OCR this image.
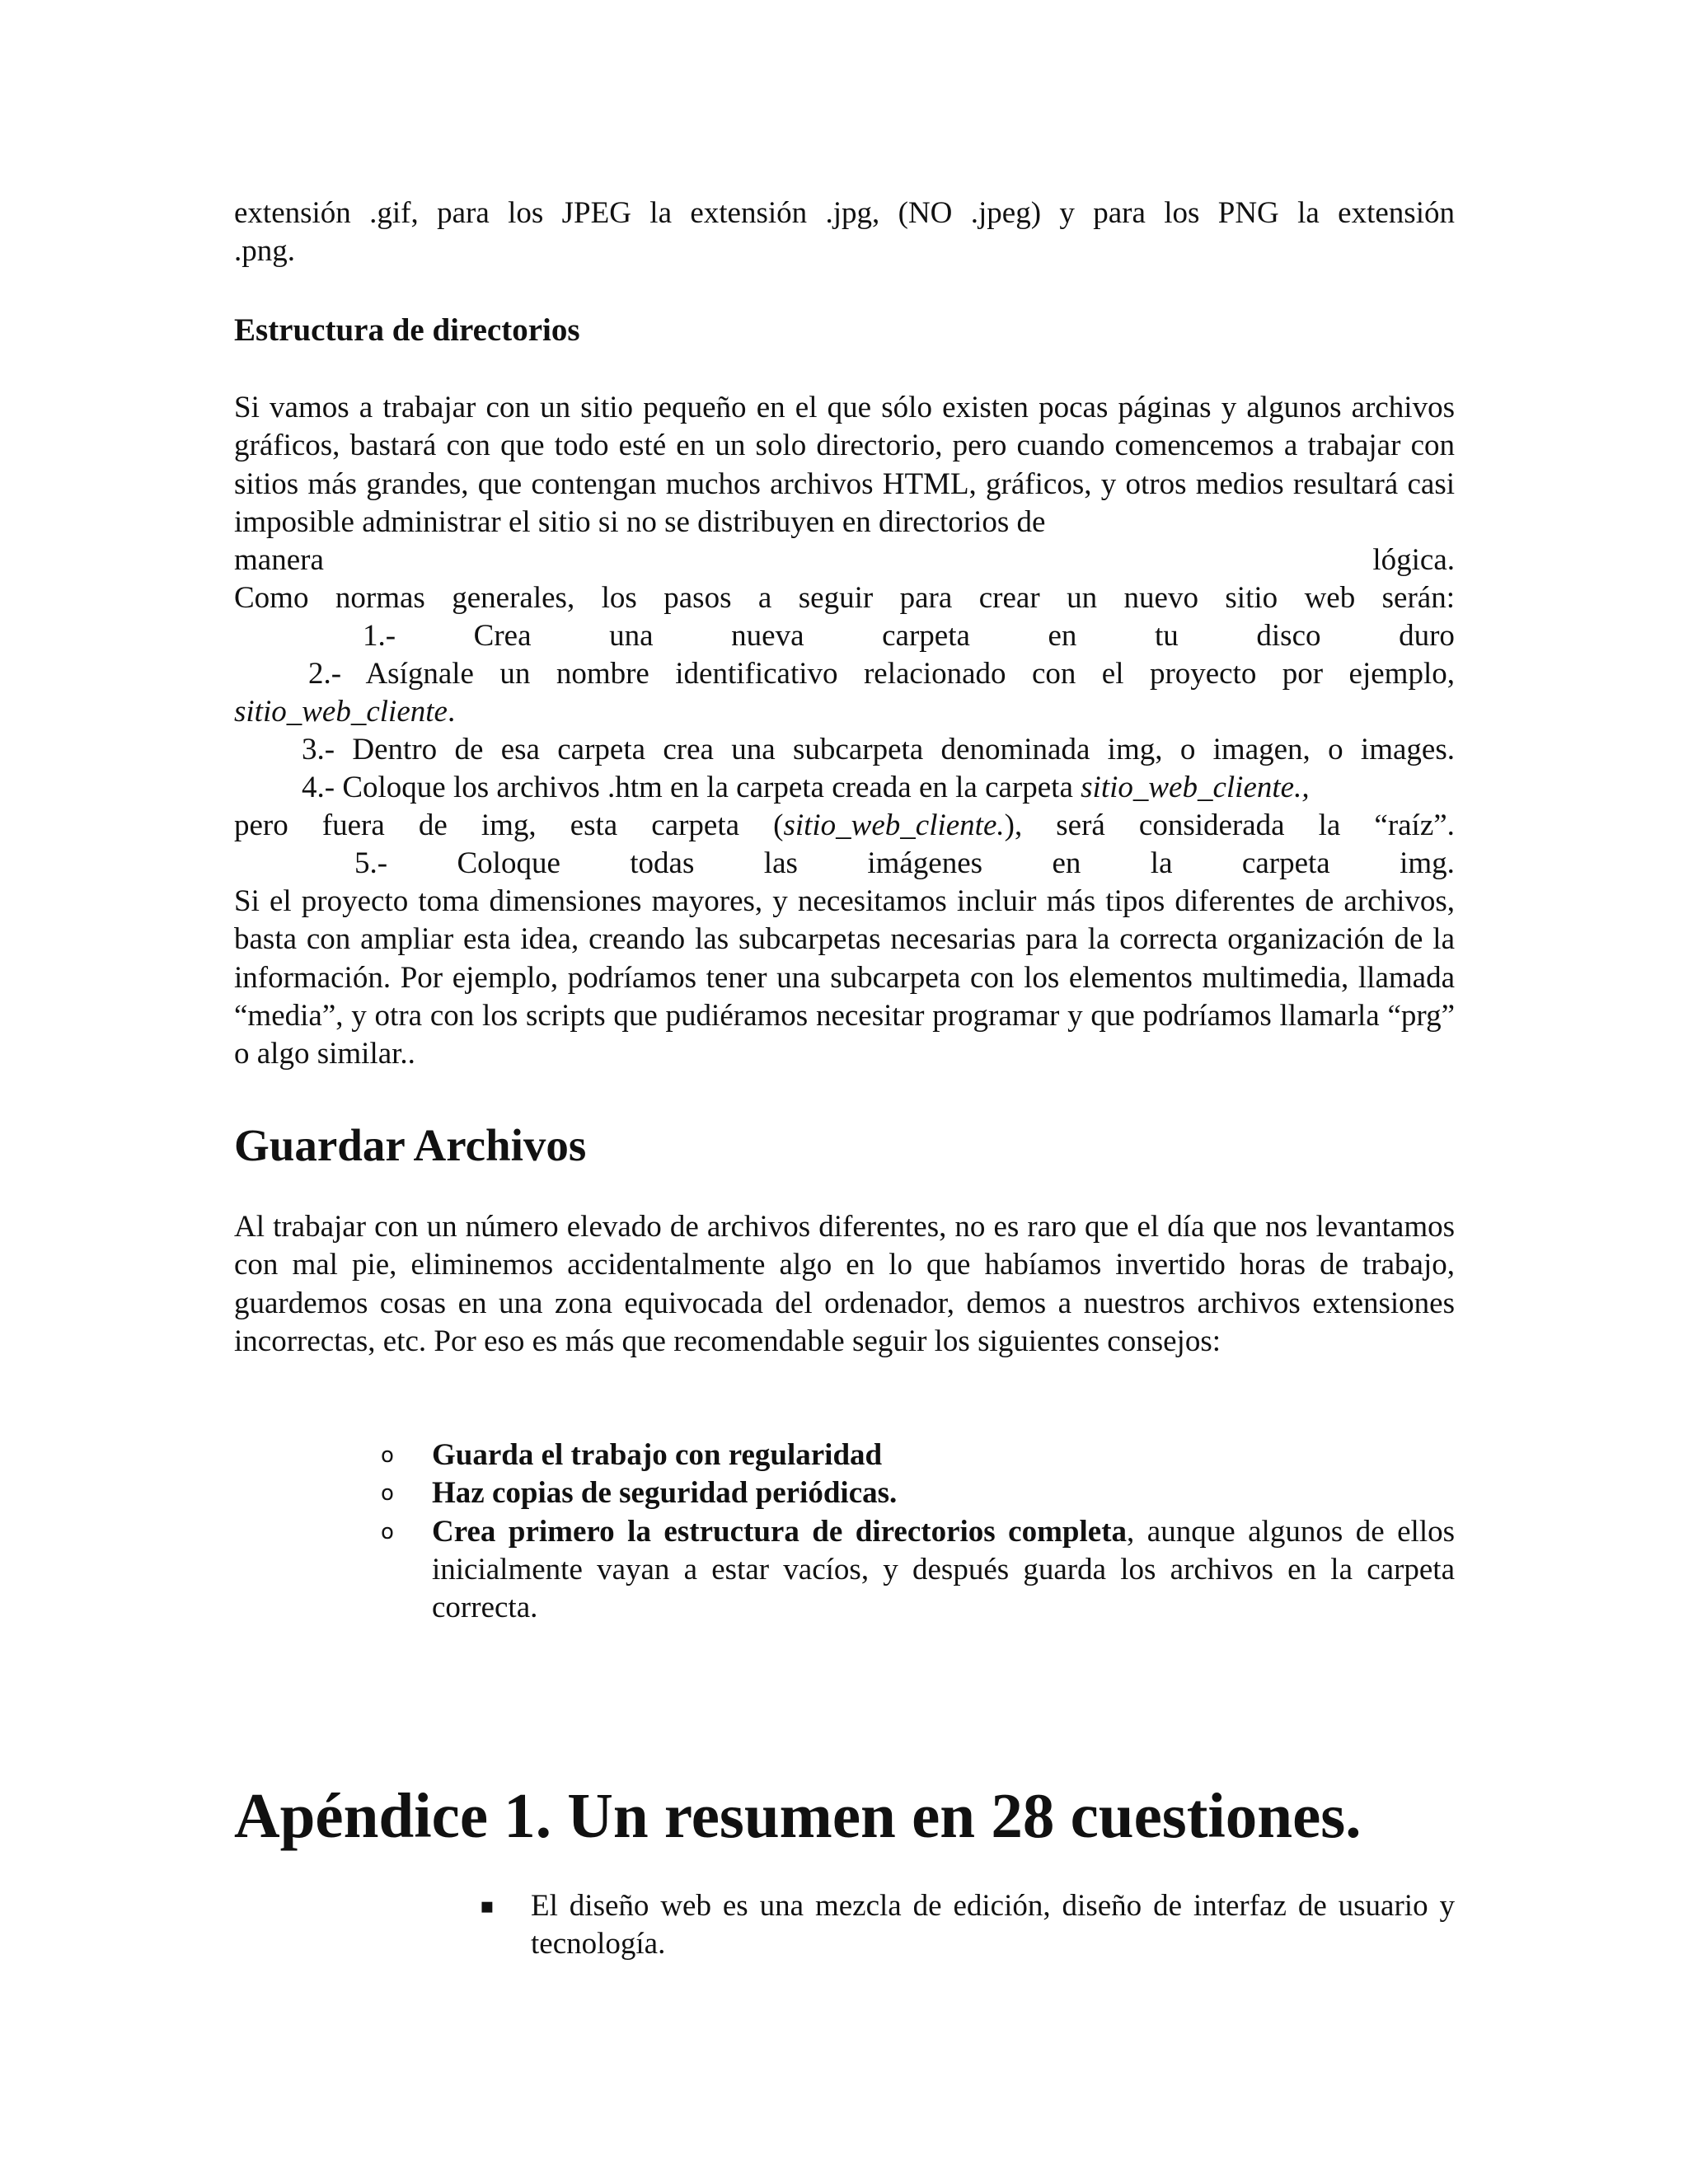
extensión .gif, para los JPEG la extensión .jpg, (NO .jpeg) y para los PNG la extensión
.png.
Estructura de directorios
Si vamos a trabajar con un sitio pequeño en el que sólo existen pocas páginas y algunos archivos gráficos, bastará con que todo esté en un solo directorio, pero cuando comencemos a trabajar con sitios más grandes, que contengan muchos archivos HTML, gráficos, y otros medios resultará casi imposible administrar el sitio si no se distribuyen en directorios de
manera	lógica.
Como normas generales, los pasos a seguir para crear un nuevo sitio web serán:
1.-	Crea	una	nueva	carpeta	en	tu	disco	duro
2.- Asígnale un nombre identificativo relacionado con el proyecto por ejemplo,
sitio_web_cliente.
3.- Dentro de esa carpeta crea una subcarpeta denominada img, o imagen, o images.
4.- Coloque los archivos .htm en la carpeta creada en la carpeta sitio_web_cliente.,
pero fuera de img, esta carpeta (sitio_web_cliente.), será considerada la “raíz”.
5.- Coloque todas las imágenes en la carpeta img.
Si el proyecto toma dimensiones mayores, y necesitamos incluir más tipos diferentes de archivos, basta con ampliar esta idea, creando las subcarpetas necesarias para la correcta organización de la información. Por ejemplo, podríamos tener una subcarpeta con los elementos multimedia, llamada “media”, y otra con los scripts que pudiéramos necesitar programar y que podríamos llamarla “prg” o algo similar..
Guardar Archivos
Al trabajar con un número elevado de archivos diferentes, no es raro que el día que nos levantamos con mal pie, eliminemos accidentalmente algo en lo que habíamos invertido horas de trabajo, guardemos cosas en una zona equivocada del ordenador, demos a nuestros archivos extensiones incorrectas, etc. Por eso es más que recomendable seguir los siguientes consejos:
o Guarda el trabajo con regularidad
o Haz copias de seguridad periódicas.
o Crea primero la estructura de directorios completa, aunque algunos de ellos inicialmente vayan a estar vacíos, y después guarda los archivos en la carpeta correcta.
Apéndice 1. Un resumen en 28 cuestiones.
▪ El diseño web es una mezcla de edición, diseño de interfaz de usuario y tecnología.
